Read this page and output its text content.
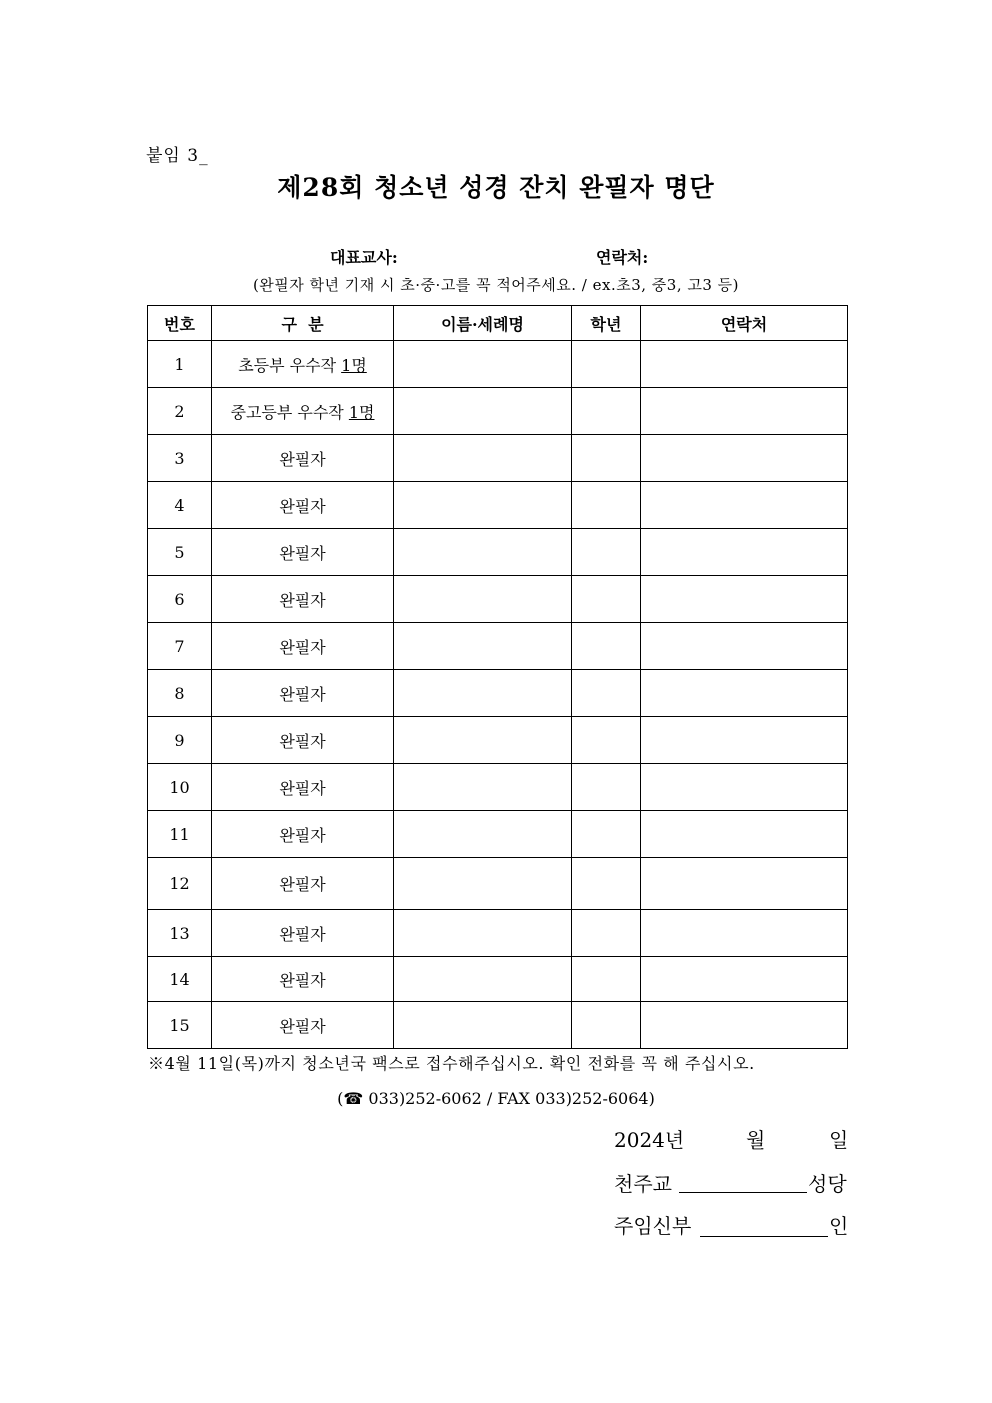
붙임 3_
제28회 청소년 성경 잔치 완필자 명단
대표교사:	연락처:
(완필자 학년 기재 시 초·중·고를 꼭 적어주세요. / ex.초3, 중3, 고3 등)
번호	구  분	이름·세례명	학년	연락처
1	초등부 우수작 1명			
2	중고등부 우수작 1명			
3	완필자			
4	완필자			
5	완필자			
6	완필자			
7	완필자			
8	완필자			
9	완필자			
10	완필자			
11	완필자			
12	완필자			
13	완필자			
14	완필자			
15	완필자			
※4월 11일(목)까지 청소년국 팩스로 접수해주십시오. 확인 전화를 꼭 해 주십시오.
(☎ 033)252-6062 / FAX 033)252-6064)
2024년	월	일
천주교	성당
주임신부	인
